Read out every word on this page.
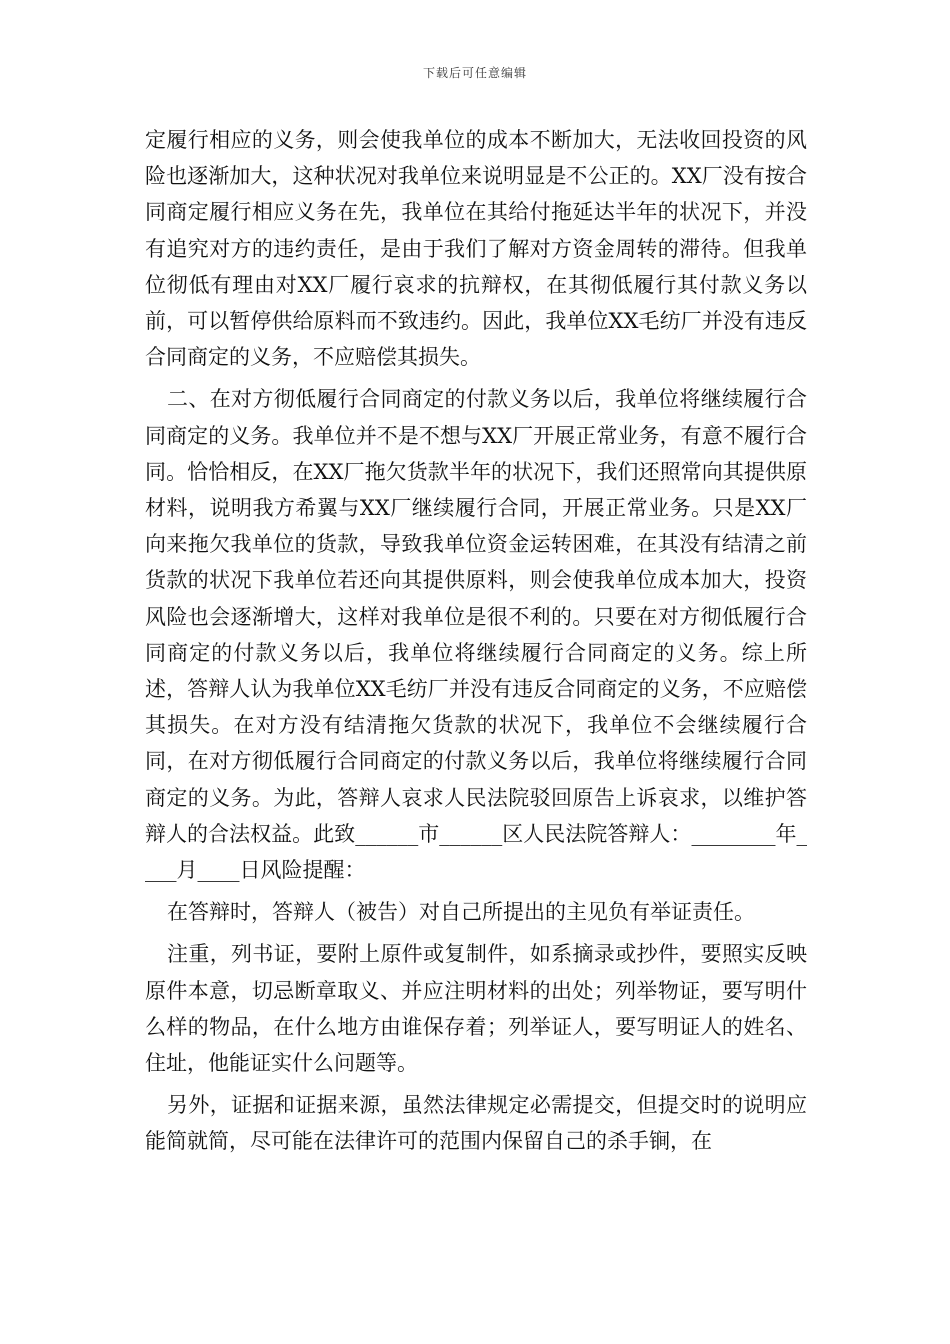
下载后可任意编辑

定履行相应的义务，则会使我单位的成本不断加大，无法收回投资的风险也逐渐加大，这种状况对我单位来说明显是不公正的。XX厂没有按合同商定履行相应义务在先，我单位在其给付拖延达半年的状况下，并没有追究对方的违约责任，是由于我们了解对方资金周转的滞待。但我单位彻低有理由对XX厂履行哀求的抗辩权，在其彻低履行其付款义务以前，可以暂停供给原料而不致违约。因此，我单位XX毛纺厂并没有违反合同商定的义务，不应赔偿其损失。

二、在对方彻低履行合同商定的付款义务以后，我单位将继续履行合同商定的义务。我单位并不是不想与XX厂开展正常业务，有意不履行合同。恰恰相反，在XX厂拖欠货款半年的状况下，我们还照常向其提供原材料，说明我方希翼与XX厂继续履行合同，开展正常业务。只是XX厂向来拖欠我单位的货款，导致我单位资金运转困难，在其没有结清之前货款的状况下我单位若还向其提供原料，则会使我单位成本加大，投资风险也会逐渐增大，这样对我单位是很不利的。只要在对方彻低履行合同商定的付款义务以后，我单位将继续履行合同商定的义务。综上所述，答辩人认为我单位XX毛纺厂并没有违反合同商定的义务，不应赔偿其损失。在对方没有结清拖欠货款的状况下，我单位不会继续履行合同，在对方彻低履行合同商定的付款义务以后，我单位将继续履行合同商定的义务。为此，答辩人哀求人民法院驳回原告上诉哀求，以维护答辩人的合法权益。此致______市______区人民法院答辩人：________年____月____日风险提醒：

在答辩时，答辩人（被告）对自己所提出的主见负有举证责任。

注重，列书证，要附上原件或复制件，如系摘录或抄件，要照实反映原件本意，切忌断章取义、并应注明材料的出处；列举物证，要写明什么样的物品，在什么地方由谁保存着；列举证人，要写明证人的姓名、住址，他能证实什么问题等。

另外，证据和证据来源，虽然法律规定必需提交，但提交时的说明应能简就简，尽可能在法律许可的范围内保留自己的杀手锏，在
